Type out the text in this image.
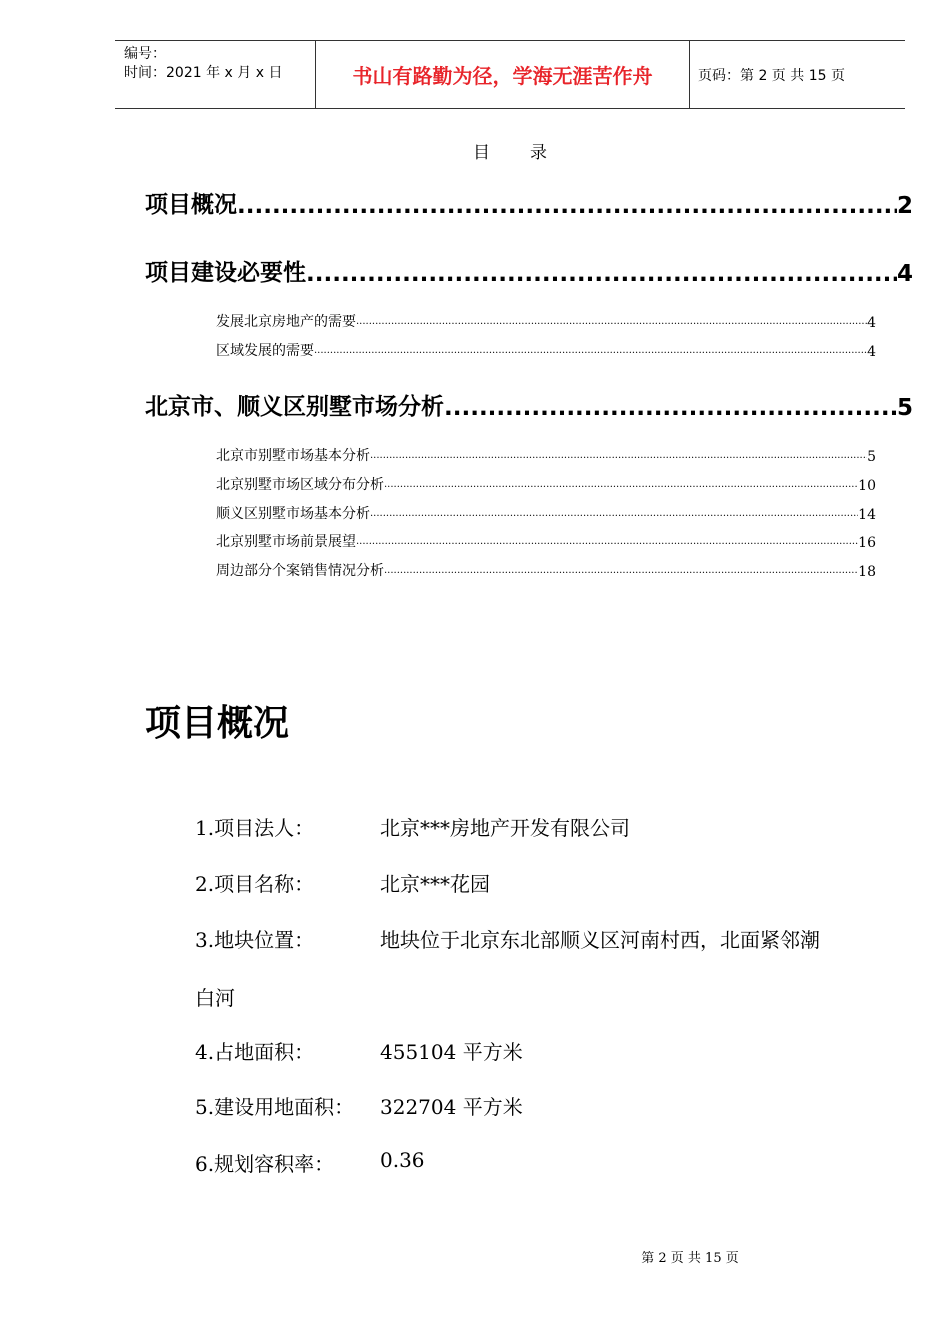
编号：
时间：2021 年 x 月 x 日	书山有路勤为径，学海无涯苦作舟	页码：第 2 页 共 15 页
目 录
项目概况 .....	2
项目建设必要性 .....	4
发展北京房地产的需要 .....	4
区域发展的需要 .....	4
北京市、顺义区别墅市场分析 .....	5
北京市别墅市场基本分析 .....	5
北京别墅市场区域分布分析 .....	10
顺义区别墅市场基本分析 .....	14
北京别墅市场前景展望 .....	16
周边部分个案销售情况分析 .....	18
项目概况
1.项目法人：	北京***房地产开发有限公司
2.项目名称：	北京***花园
3.地块位置：	地块位于北京东北部顺义区河南村西，北面紧邻潮
白河
4.占地面积：	455104 平方米
5.建设用地面积： 322704 平方米
6.规划容积率： 0.36
第 2 页 共 15 页
